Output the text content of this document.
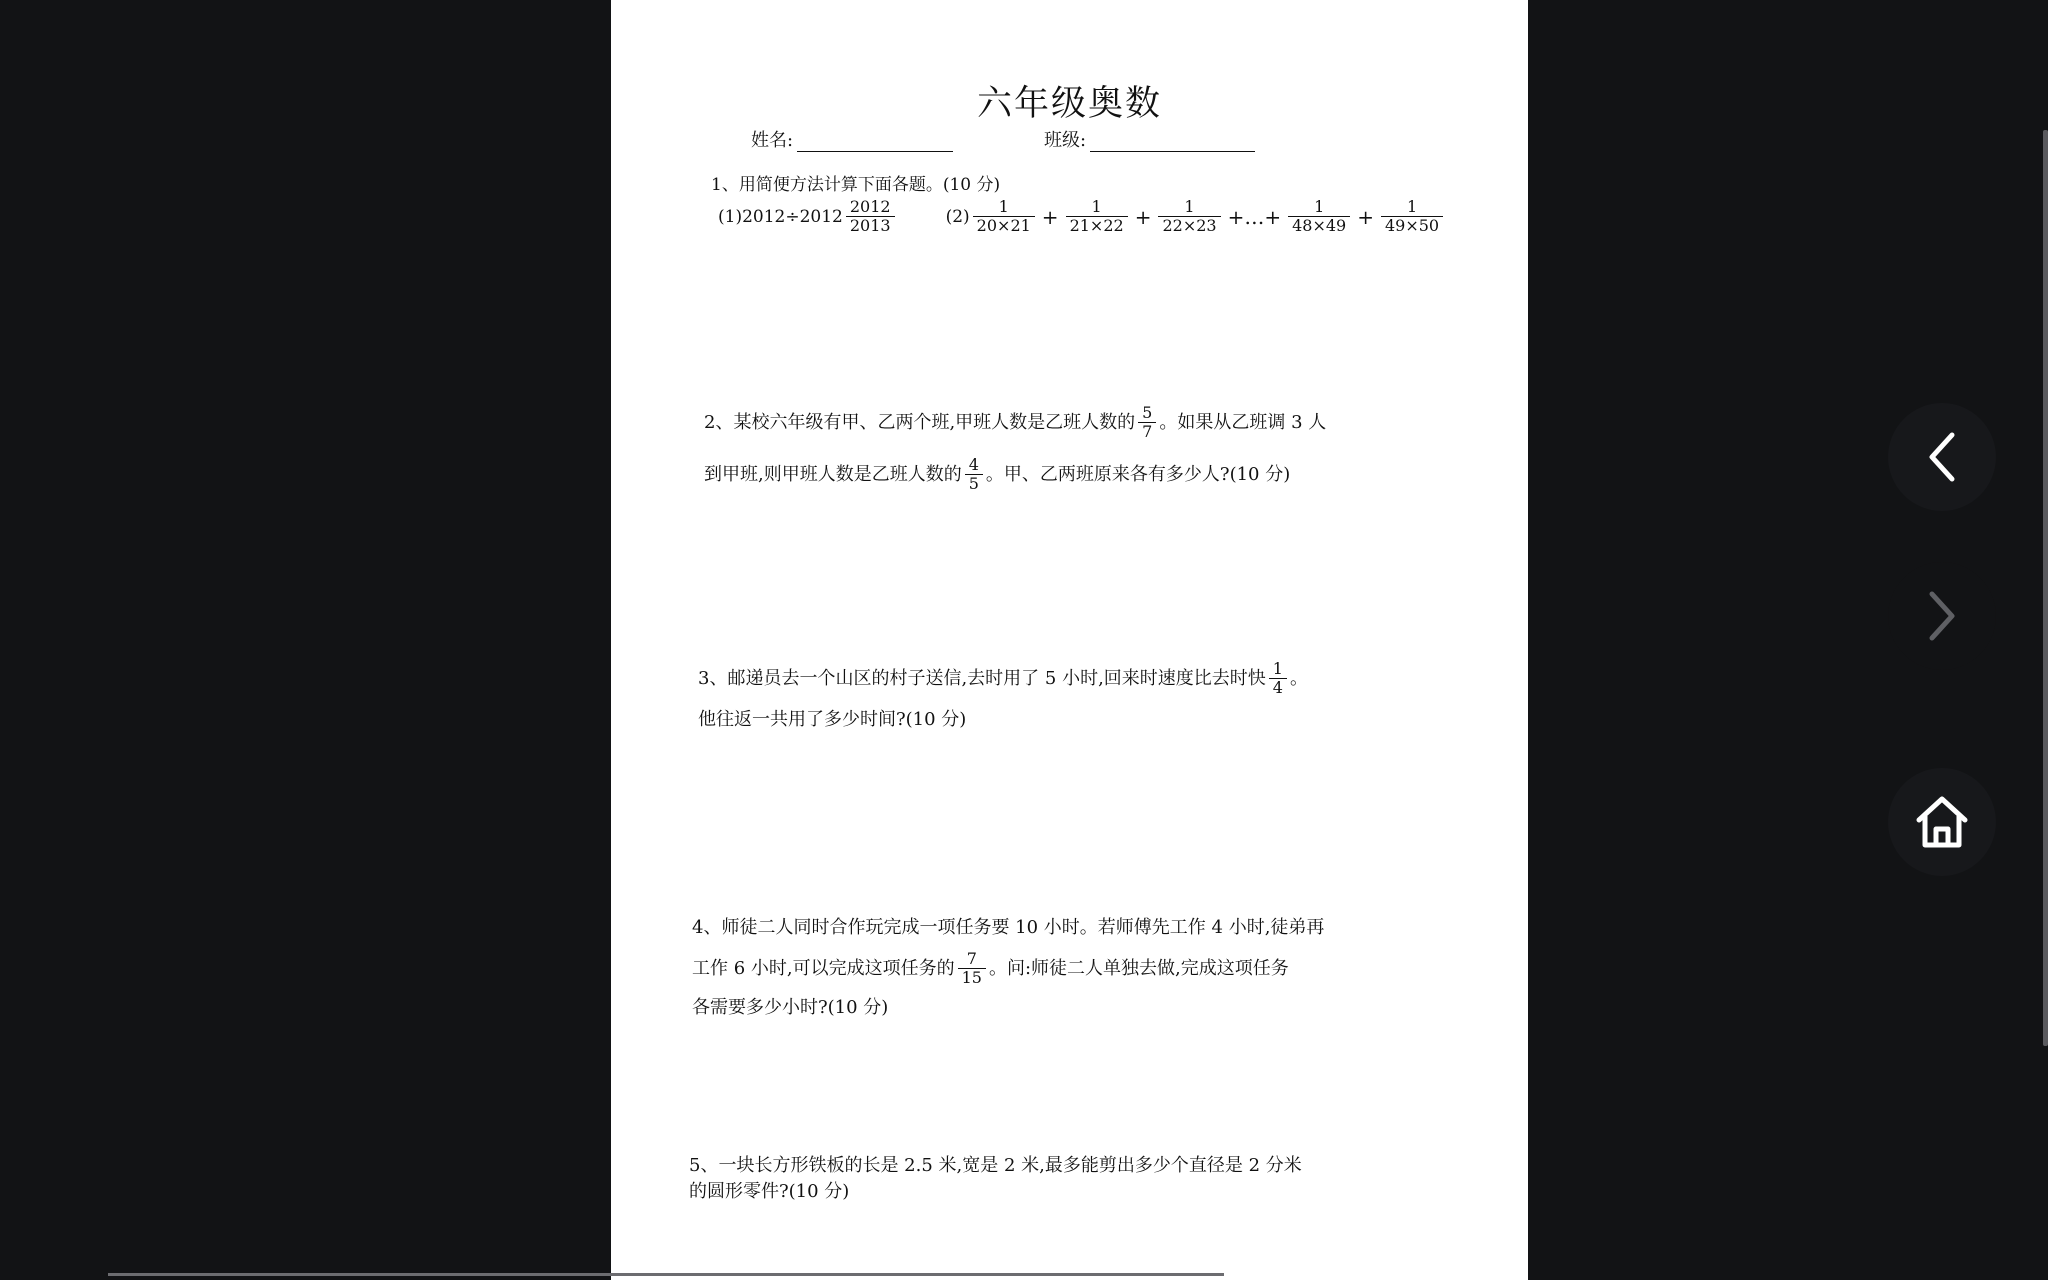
六年级奥数
姓名:	班级:
1、用简便方法计算下面各题。(10 分)
$(1)2012\div 2012 \frac{2012}{2013}$	$(2) \frac{1}{20\times 21} + \frac{1}{21\times 22} + \frac{1}{22\times 23}$ +…+ $\frac{1}{48\times 49} + \frac{1}{49\times 50}$
2、某校六年级有甲、乙两个班,甲班人数是乙班人数的 $\frac{5}{7}$ 。如果从乙班调 3 人
到甲班,则甲班人数是乙班人数的 $\frac{4}{5}$ 。甲、乙两班原来各有多少人?(10 分)
3、邮递员去一个山区的村子送信,去时用了 5 小时,回来时速度比去时快 $\frac{1}{4}$ 。
他往返一共用了多少时间?(10 分)
4、师徒二人同时合作玩完成一项任务要 10 小时。若师傅先工作 4 小时,徒弟再
工作 6 小时,可以完成这项任务的 $\frac{7}{15}$ 。问:师徒二人单独去做,完成这项任务
各需要多少小时?(10 分)
5、一块长方形铁板的长是 2.5 米,宽是 2 米,最多能剪出多少个直径是 2 分米
的圆形零件?(10 分)
